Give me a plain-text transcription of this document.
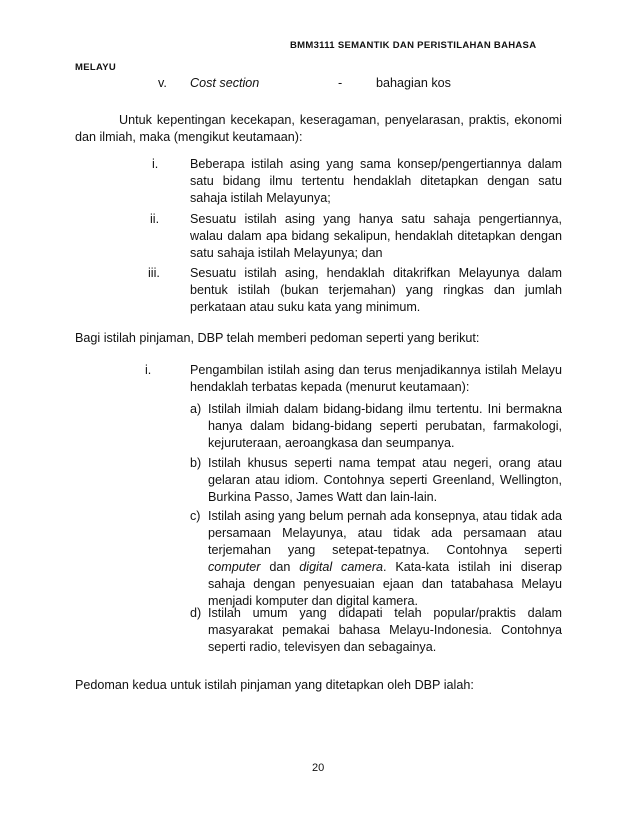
BMM3111 SEMANTIK DAN PERISTILAHAN BAHASA
MELAYU
v. Cost section	-	bahagian kos
Untuk kepentingan kecekapan, keseragaman, penyelarasan, praktis, ekonomi
dan ilmiah, maka (mengikut keutamaan):
i.	Beberapa istilah asing yang sama konsep/pengertiannya dalam satu bidang ilmu tertentu hendaklah ditetapkan dengan satu sahaja istilah Melayunya;
ii. Sesuatu istilah asing yang hanya satu sahaja pengertiannya, walau dalam apa bidang sekalipun, hendaklah ditetapkan dengan satu sahaja istilah Melayunya; dan
iii. Sesuatu istilah asing, hendaklah ditakrifkan Melayunya dalam bentuk istilah (bukan terjemahan) yang ringkas dan jumlah perkataan atau suku kata yang minimum.
Bagi istilah pinjaman, DBP telah memberi pedoman seperti yang berikut:
i.	Pengambilan istilah asing dan terus menjadikannya istilah Melayu hendaklah terbatas kepada (menurut keutamaan):
a) Istilah ilmiah dalam bidang-bidang ilmu tertentu. Ini bermakna hanya dalam bidang-bidang seperti perubatan, farmakologi, kejuruteraan, aeroangkasa dan seumpanya.
b) Istilah khusus seperti nama tempat atau negeri, orang atau gelaran atau idiom. Contohnya seperti Greenland, Wellington, Burkina Passo, James Watt dan lain-lain.
c) Istilah asing yang belum pernah ada konsepnya, atau tidak ada persamaan Melayunya, atau tidak ada persamaan atau terjemahan yang setepat-tepatnya. Contohnya seperti computer dan digital camera. Kata-kata istilah ini diserap sahaja dengan penyesuaian ejaan dan tatabahasa Melayu menjadi komputer dan digital kamera.
d) Istilah umum yang didapati telah popular/praktis dalam masyarakat pemakai bahasa Melayu-Indonesia. Contohnya seperti radio, televisyen dan sebagainya.
Pedoman kedua untuk istilah pinjaman yang ditetapkan oleh DBP ialah:
20
